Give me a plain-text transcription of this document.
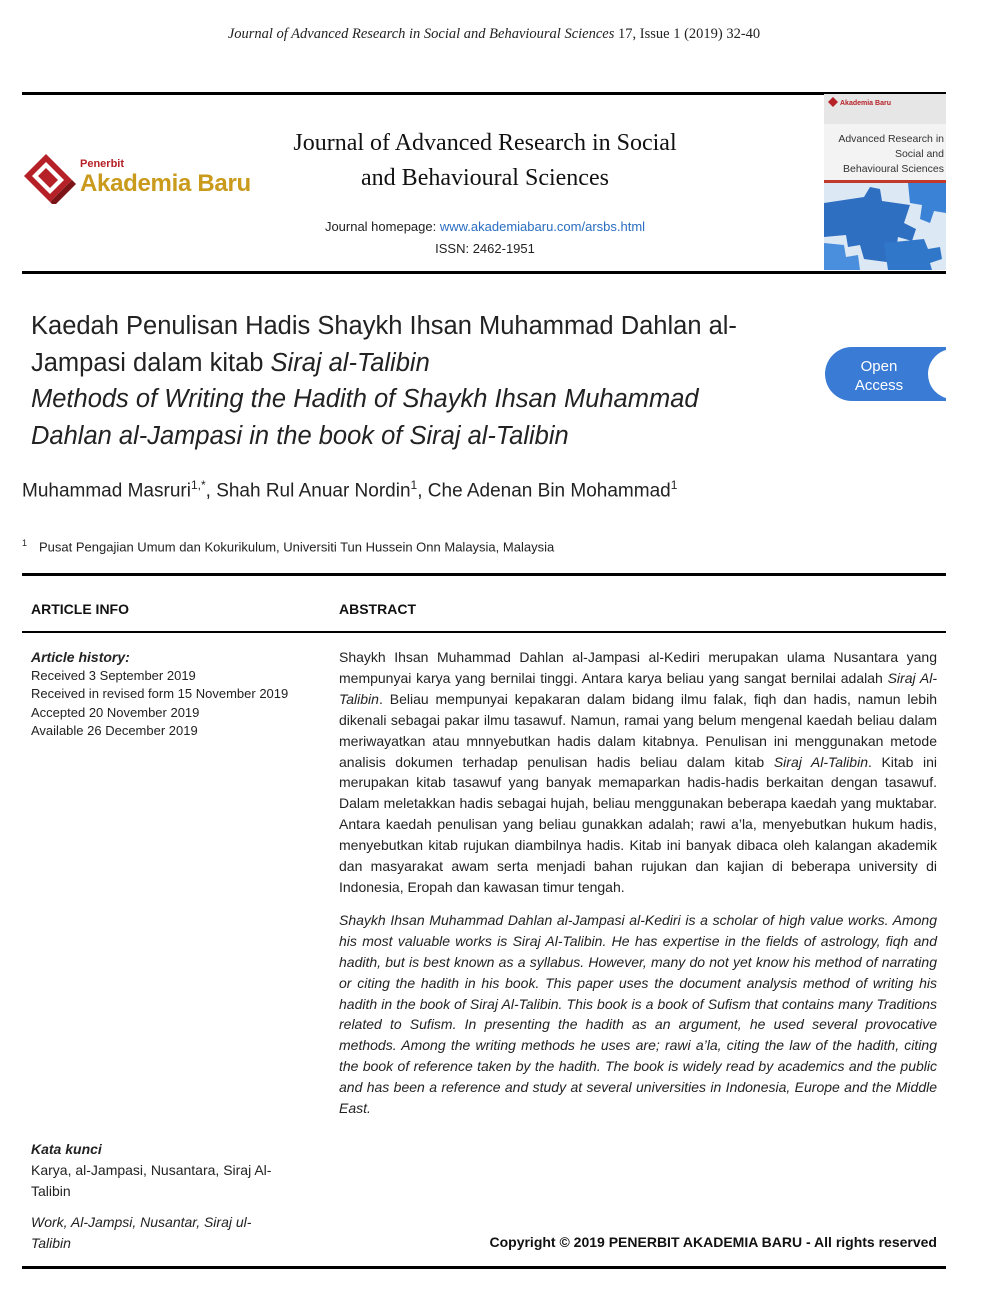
Journal of Advanced Research in Social and Behavioural Sciences 17, Issue 1 (2019) 32-40
Penerbit
Akademia Baru
Journal of Advanced Research in Social
and Behavioural Sciences
Journal homepage: www.akademiabaru.com/arsbs.html
ISSN: 2462-1951
Akademia Baru
Advanced Research in
Social and
Behavioural Sciences
Kaedah Penulisan Hadis Shaykh Ihsan Muhammad Dahlan al-
Jampasi dalam kitab Siraj al-Talibin
Methods of Writing the Hadith of Shaykh Ihsan Muhammad
Dahlan al-Jampasi in the book of Siraj al-Talibin
Open
Access
Muhammad Masruri$^{1,*}$, Shah Rul Anuar Nordin$^1$, Che Adenan Bin Mohammad$^1$
$^1$ Pusat Pengajian Umum dan Kokurikulum, Universiti Tun Hussein Onn Malaysia, Malaysia
ARTICLE INFO	ABSTRACT
Article history:
Received 3 September 2019
Received in revised form 15 November 2019
Accepted 20 November 2019
Available 26 December 2019
Kata kunci
Karya, al-Jampasi, Nusantara, Siraj Al-
Talibin
Work, Al-Jampsi, Nusantar, Siraj ul-
Talibin

Shaykh Ihsan Muhammad Dahlan al-Jampasi al-Kediri merupakan ulama Nusantara yang mempunyai karya yang bernilai tinggi. Antara karya beliau yang sangat bernilai adalah Siraj Al-Talibin. Beliau mempunyai kepakaran dalam bidang ilmu falak, fiqh dan hadis, namun lebih dikenali sebagai pakar ilmu tasawuf. Namun, ramai yang belum mengenal kaedah beliau dalam meriwayatkan atau mnnyebutkan hadis dalam kitabnya. Penulisan ini menggunakan metode analisis dokumen terhadap penulisan hadis beliau dalam kitab Siraj Al-Talibin. Kitab ini merupakan kitab tasawuf yang banyak memaparkan hadis-hadis berkaitan dengan tasawuf. Dalam meletakkan hadis sebagai hujah, beliau menggunakan beberapa kaedah yang muktabar. Antara kaedah penulisan yang beliau gunakkan adalah; rawi a’la, menyebutkan hukum hadis, menyebutkan kitab rujukan diambilnya hadis. Kitab ini banyak dibaca oleh kalangan akademik dan masyarakat awam serta menjadi bahan rujukan dan kajian di beberapa university di Indonesia, Eropah dan kawasan timur tengah.

Shaykh Ihsan Muhammad Dahlan al-Jampasi al-Kediri is a scholar of high value works. Among his most valuable works is Siraj Al-Talibin. He has expertise in the fields of astrology, fiqh and hadith, but is best known as a syllabus. However, many do not yet know his method of narrating or citing the hadith in his book. This paper uses the document analysis method of writing his hadith in the book of Siraj Al-Talibin. This book is a book of Sufism that contains many Traditions related to Sufism. In presenting the hadith as an argument, he used several provocative methods. Among the writing methods he uses are; rawi a’la, citing the law of the hadith, citing the book of reference taken by the hadith. The book is widely read by academics and the public and has been a reference and study at several universities in Indonesia, Europe and the Middle East.

Copyright © 2019 PENERBIT AKADEMIA BARU - All rights reserved
